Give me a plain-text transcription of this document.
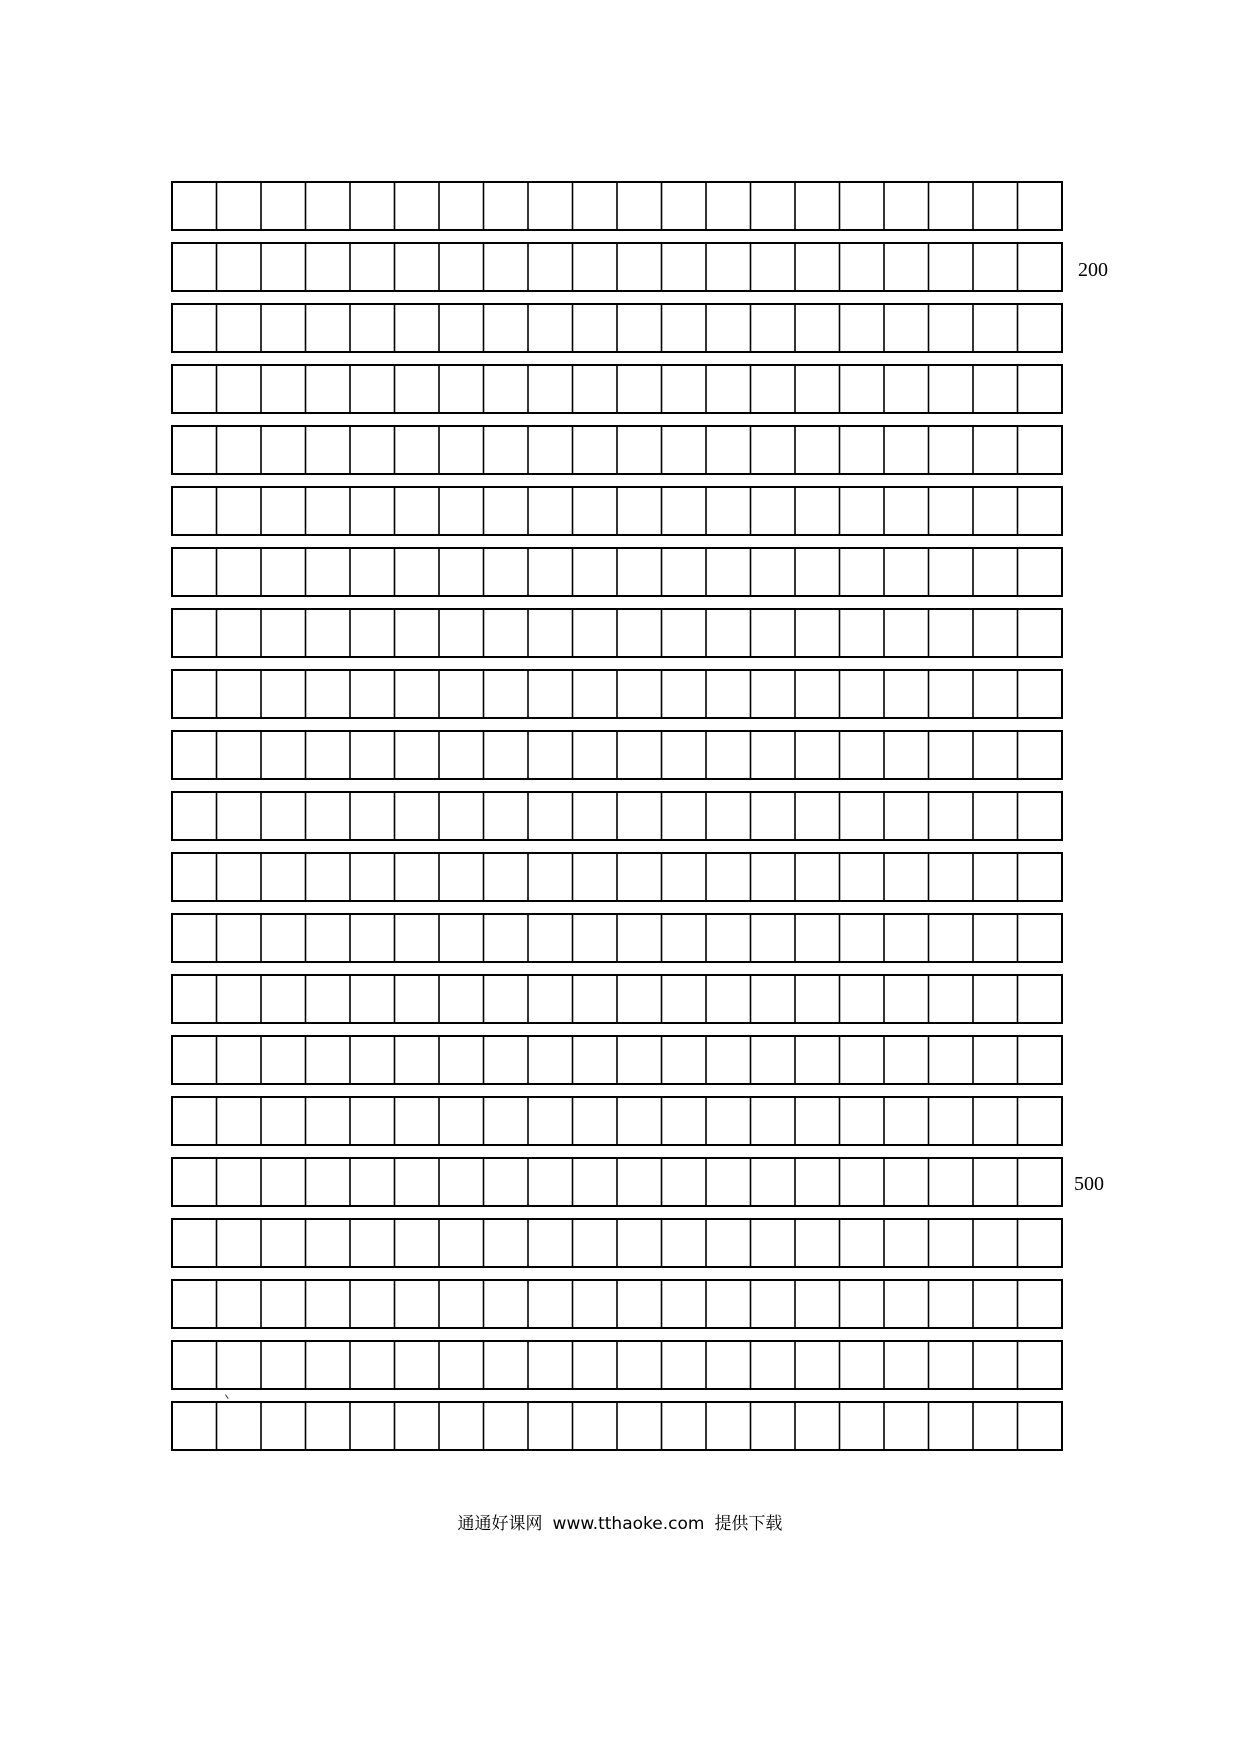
200
500
通通好课网 www.tthaoke.com 提供下载
